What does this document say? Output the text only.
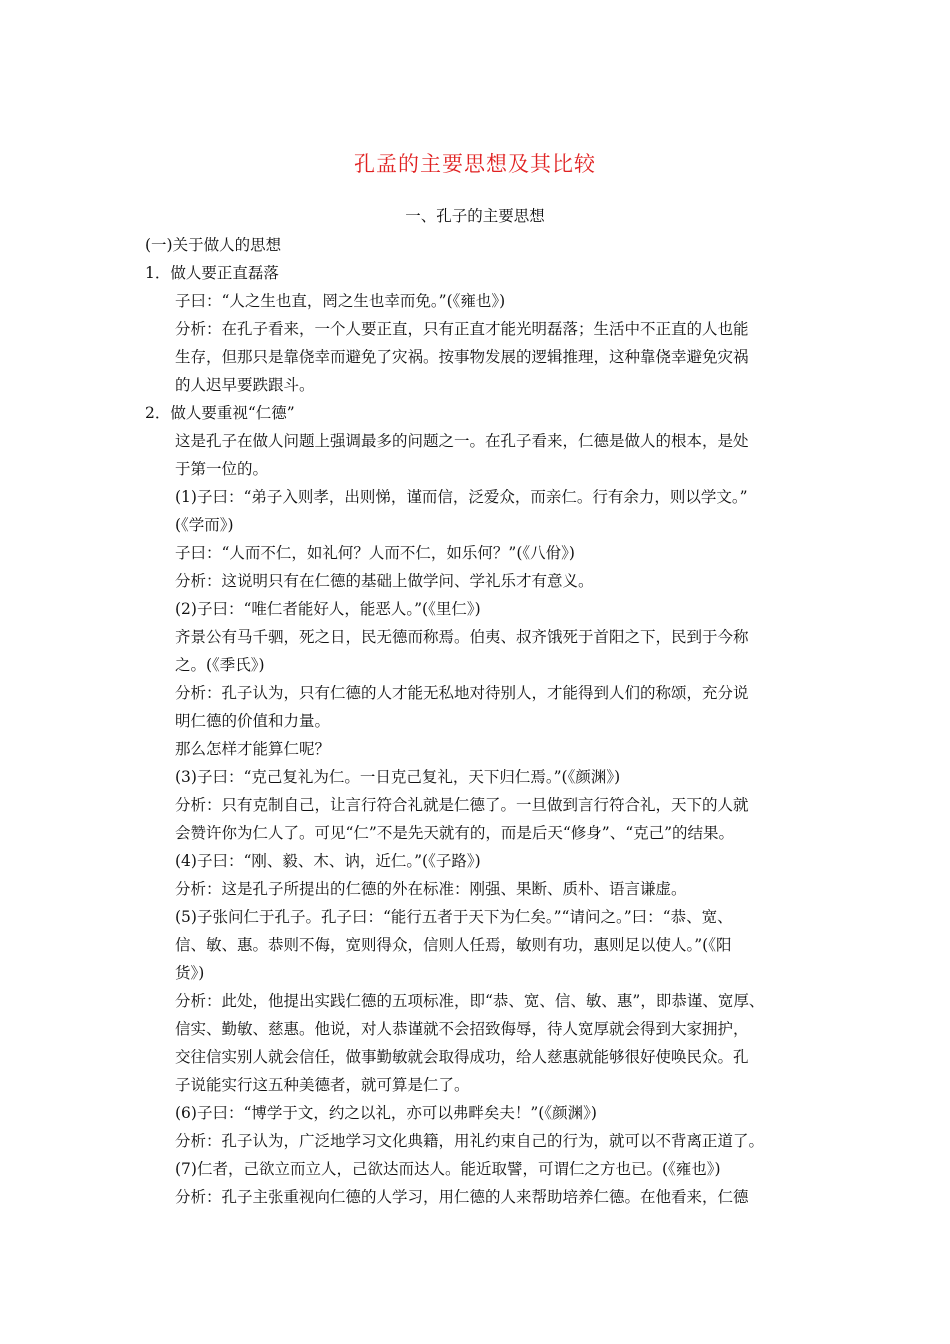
孔孟的主要思想及其比较
一、孔子的主要思想
(一)关于做人的思想
1．做人要正直磊落
子曰：“人之生也直，罔之生也幸而免。”(《雍也》)
分析：在孔子看来，一个人要正直，只有正直才能光明磊落；生活中不正直的人也能
生存，但那只是靠侥幸而避免了灾祸。按事物发展的逻辑推理，这种靠侥幸避免灾祸
的人迟早要跌跟斗。
2．做人要重视“仁德”
这是孔子在做人问题上强调最多的问题之一。在孔子看来，仁德是做人的根本，是处
于第一位的。
(1)子曰：“弟子入则孝，出则悌，谨而信，泛爱众，而亲仁。行有余力，则以学文。”
(《学而》)
子曰：“人而不仁，如礼何？人而不仁，如乐何？”(《八佾》)
分析：这说明只有在仁德的基础上做学问、学礼乐才有意义。
(2)子曰：“唯仁者能好人，能恶人。”(《里仁》)
齐景公有马千驷，死之日，民无德而称焉。伯夷、叔齐饿死于首阳之下，民到于今称
之。(《季氏》)
分析：孔子认为，只有仁德的人才能无私地对待别人，才能得到人们的称颂，充分说
明仁德的价值和力量。
那么怎样才能算仁呢？
(3)子曰：“克己复礼为仁。一日克己复礼，天下归仁焉。”(《颜渊》)
分析：只有克制自己，让言行符合礼就是仁德了。一旦做到言行符合礼，天下的人就
会赞许你为仁人了。可见“仁”不是先天就有的，而是后天“修身”、“克己”的结果。
(4)子曰：“刚、毅、木、讷，近仁。”(《子路》)
分析：这是孔子所提出的仁德的外在标准：刚强、果断、质朴、语言谦虚。
(5)子张问仁于孔子。孔子曰：“能行五者于天下为仁矣。”“请问之。”曰：“恭、宽、
信、敏、惠。恭则不侮，宽则得众，信则人任焉，敏则有功，惠则足以使人。”(《阳
货》)
分析：此处，他提出实践仁德的五项标准，即“恭、宽、信、敏、惠”，即恭谨、宽厚、
信实、勤敏、慈惠。他说，对人恭谨就不会招致侮辱，待人宽厚就会得到大家拥护，
交往信实别人就会信任，做事勤敏就会取得成功，给人慈惠就能够很好使唤民众。孔
子说能实行这五种美德者，就可算是仁了。
(6)子曰：“博学于文，约之以礼，亦可以弗畔矣夫！”(《颜渊》)
分析：孔子认为，广泛地学习文化典籍，用礼约束自己的行为，就可以不背离正道了。
(7)仁者，己欲立而立人，己欲达而达人。能近取譬，可谓仁之方也已。(《雍也》)
分析：孔子主张重视向仁德的人学习，用仁德的人来帮助培养仁德。在他看来，仁德
